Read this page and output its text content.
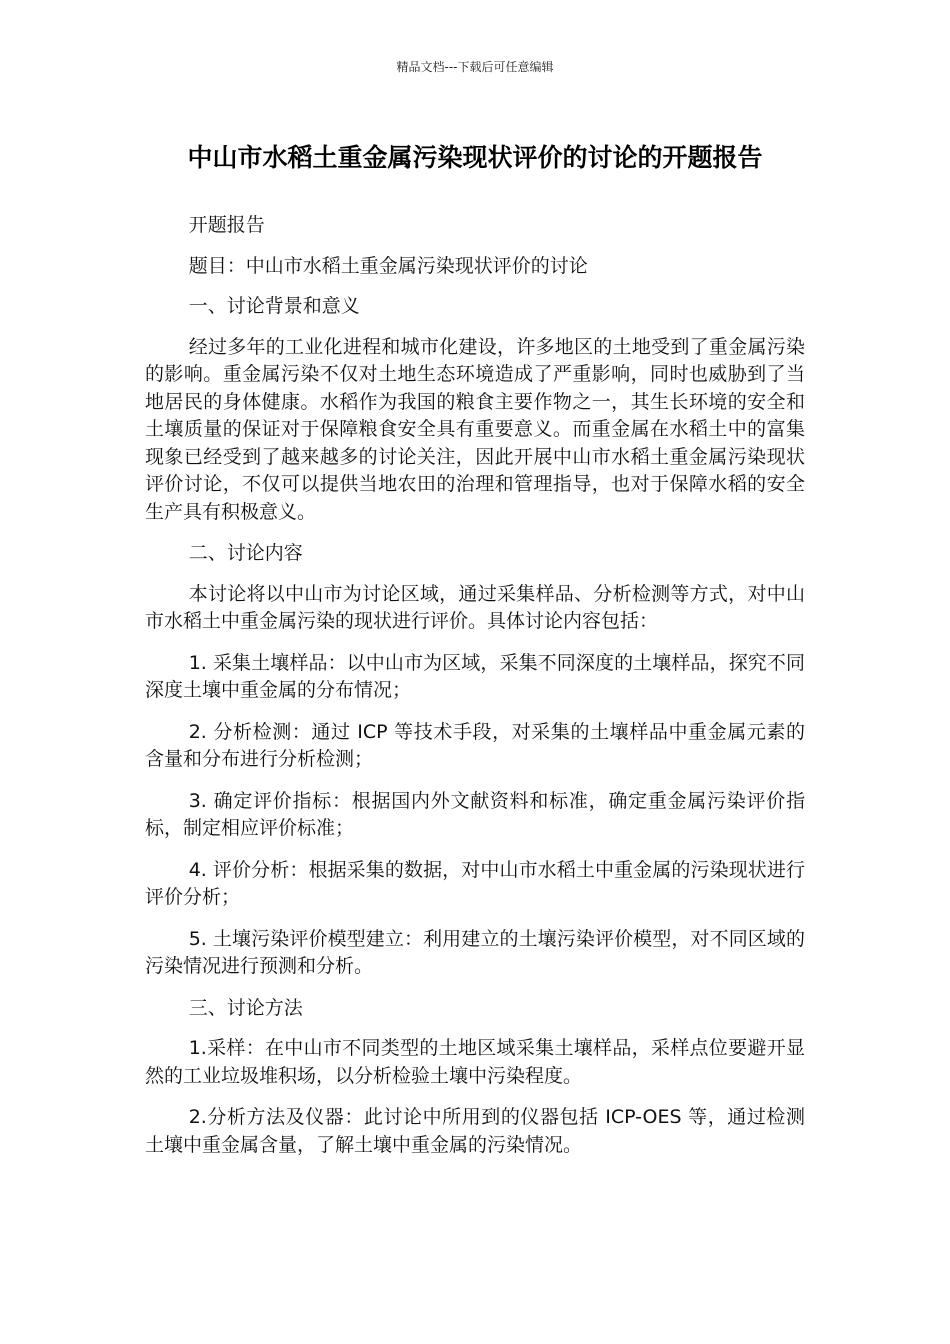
精品文档---下载后可任意编辑
中山市水稻土重金属污染现状评价的讨论的开题报告

开题报告

题目：中山市水稻土重金属污染现状评价的讨论

一、讨论背景和意义

经过多年的工业化进程和城市化建设，许多地区的土地受到了重金属污染的影响。重金属污染不仅对土地生态环境造成了严重影响，同时也威胁到了当地居民的身体健康。水稻作为我国的粮食主要作物之一，其生长环境的安全和土壤质量的保证对于保障粮食安全具有重要意义。而重金属在水稻土中的富集现象已经受到了越来越多的讨论关注，因此开展中山市水稻土重金属污染现状评价讨论，不仅可以提供当地农田的治理和管理指导，也对于保障水稻的安全生产具有积极意义。

二、讨论内容

本讨论将以中山市为讨论区域，通过采集样品、分析检测等方式，对中山市水稻土中重金属污染的现状进行评价。具体讨论内容包括：

1. 采集土壤样品：以中山市为区域，采集不同深度的土壤样品，探究不同深度土壤中重金属的分布情况；

2. 分析检测：通过 ICP 等技术手段，对采集的土壤样品中重金属元素的含量和分布进行分析检测；

3. 确定评价指标：根据国内外文献资料和标准，确定重金属污染评价指标，制定相应评价标准；

4. 评价分析：根据采集的数据，对中山市水稻土中重金属的污染现状进行评价分析；

5. 土壤污染评价模型建立：利用建立的土壤污染评价模型，对不同区域的污染情况进行预测和分析。

三、讨论方法

1.采样：在中山市不同类型的土地区域采集土壤样品，采样点位要避开显然的工业垃圾堆积场，以分析检验土壤中污染程度。

2.分析方法及仪器：此讨论中所用到的仪器包括 ICP-OES 等，通过检测土壤中重金属含量，了解土壤中重金属的污染情况。
